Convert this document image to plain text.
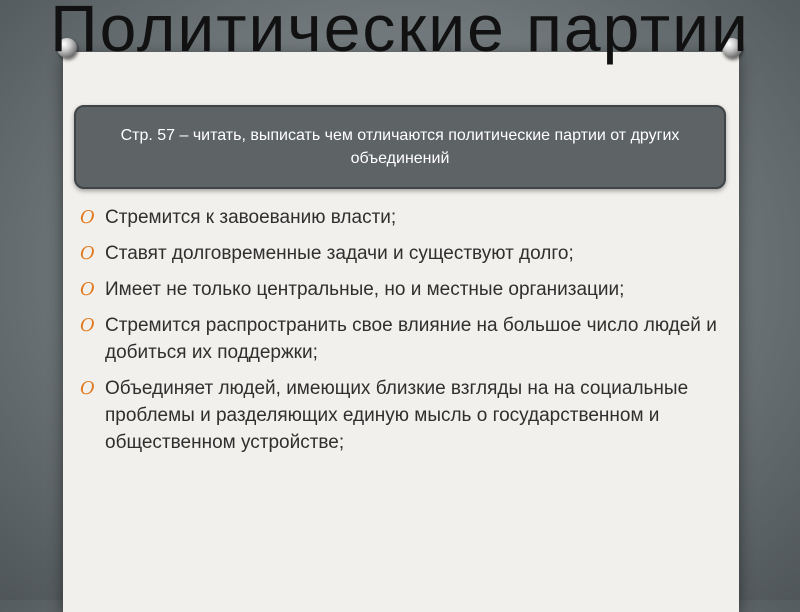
Политические партии
Стр. 57 – читать, выписать чем отличаются политические партии от других объединений
O Стремится к завоеванию власти;
O Ставят долговременные задачи и существуют долго;
O Имеет не только центральные, но и местные организации;
O Стремится распространить свое влияние на большое число людей и добиться их поддержки;
O Объединяет людей, имеющих близкие взгляды на на социальные проблемы и разделяющих единую мысль о государственном и общественном устройстве;
